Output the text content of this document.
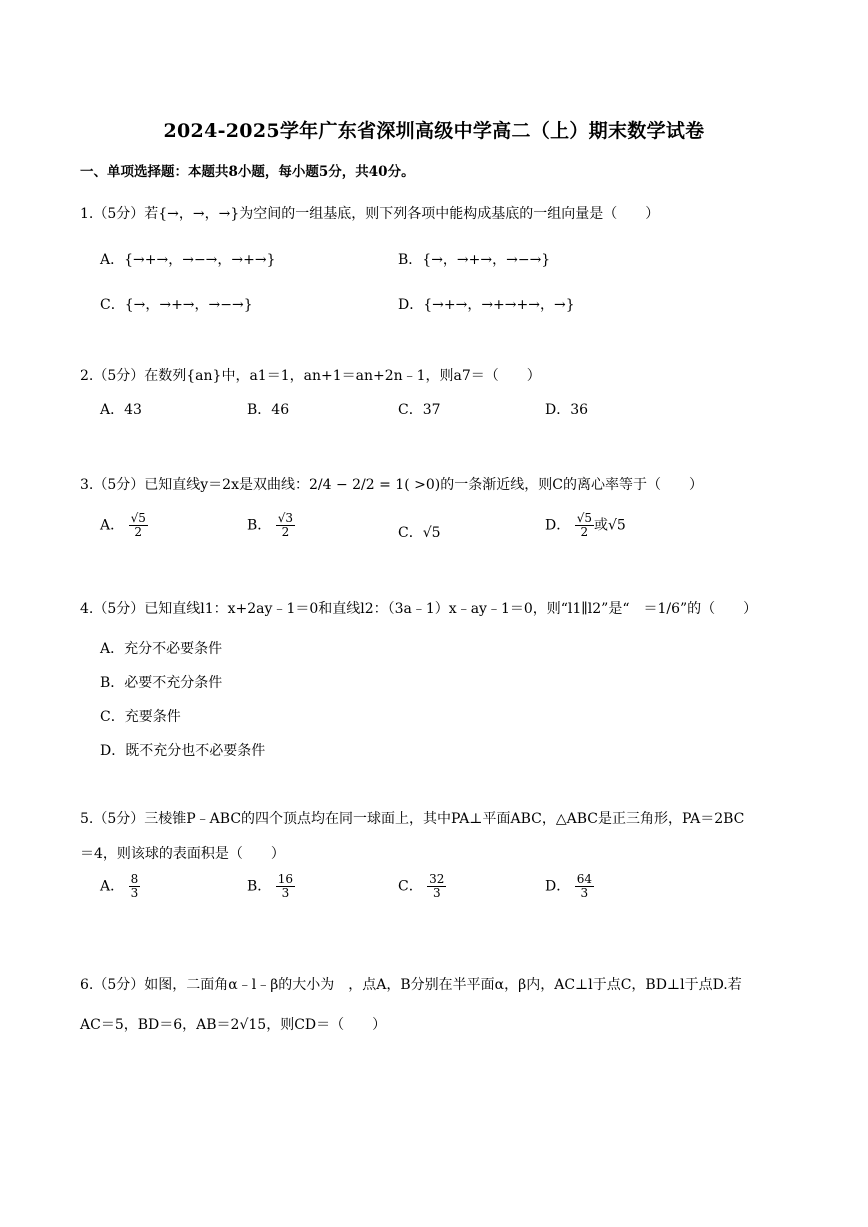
2024-2025学年广东省深圳高级中学高二（上）期末数学试卷
一、单项选择题：本题共8小题，每小题5分，共40分。
1.（5分）若{→，→，→}为空间的一组基底，则下列各项中能构成基底的一组向量是（　　）
A．{→+→，→−→，→+→}	B．{→，→+→，→−→}
C．{→，→+→，→−→}	D．{→+→，→+→+→，→}
2.（5分）在数列{an}中，a1＝1，an+1＝an+2n﹣1，则a7＝（　　）
A．43	B．46	C．37	D．36
3.（5分）已知直线y＝2x是双曲线：2/4 − 2/2 = 1( >0)的一条渐近线，则C的离心率等于（　　）
A． $\frac{√5}{2}$	B． $\frac{√3}{2}$	C．√5	D． $\frac{√5}{2}$ 或√5
4.（5分）已知直线l1：x+2ay﹣1＝0和直线l2：（3a﹣1）x﹣ay﹣1＝0，则“l1∥l2”是“　＝1/6”的（　　）
A．充分不必要条件
B．必要不充分条件
C．充要条件
D．既不充分也不必要条件
5.（5分）三棱锥P﹣ABC的四个顶点均在同一球面上，其中PA⊥平面ABC，△ABC是正三角形，PA＝2BC
＝4，则该球的表面积是（　　）
A． $\frac{8}{3}$	B． $\frac{16}{3}$	C． $\frac{32}{3}$	D． $\frac{64}{3}$
6.（5分）如图，二面角α﹣l﹣β的大小为　，点A，B分别在半平面α，β内，AC⊥l于点C，BD⊥l于点D.若
AC＝5，BD＝6，AB＝2√15，则CD＝（　　）
